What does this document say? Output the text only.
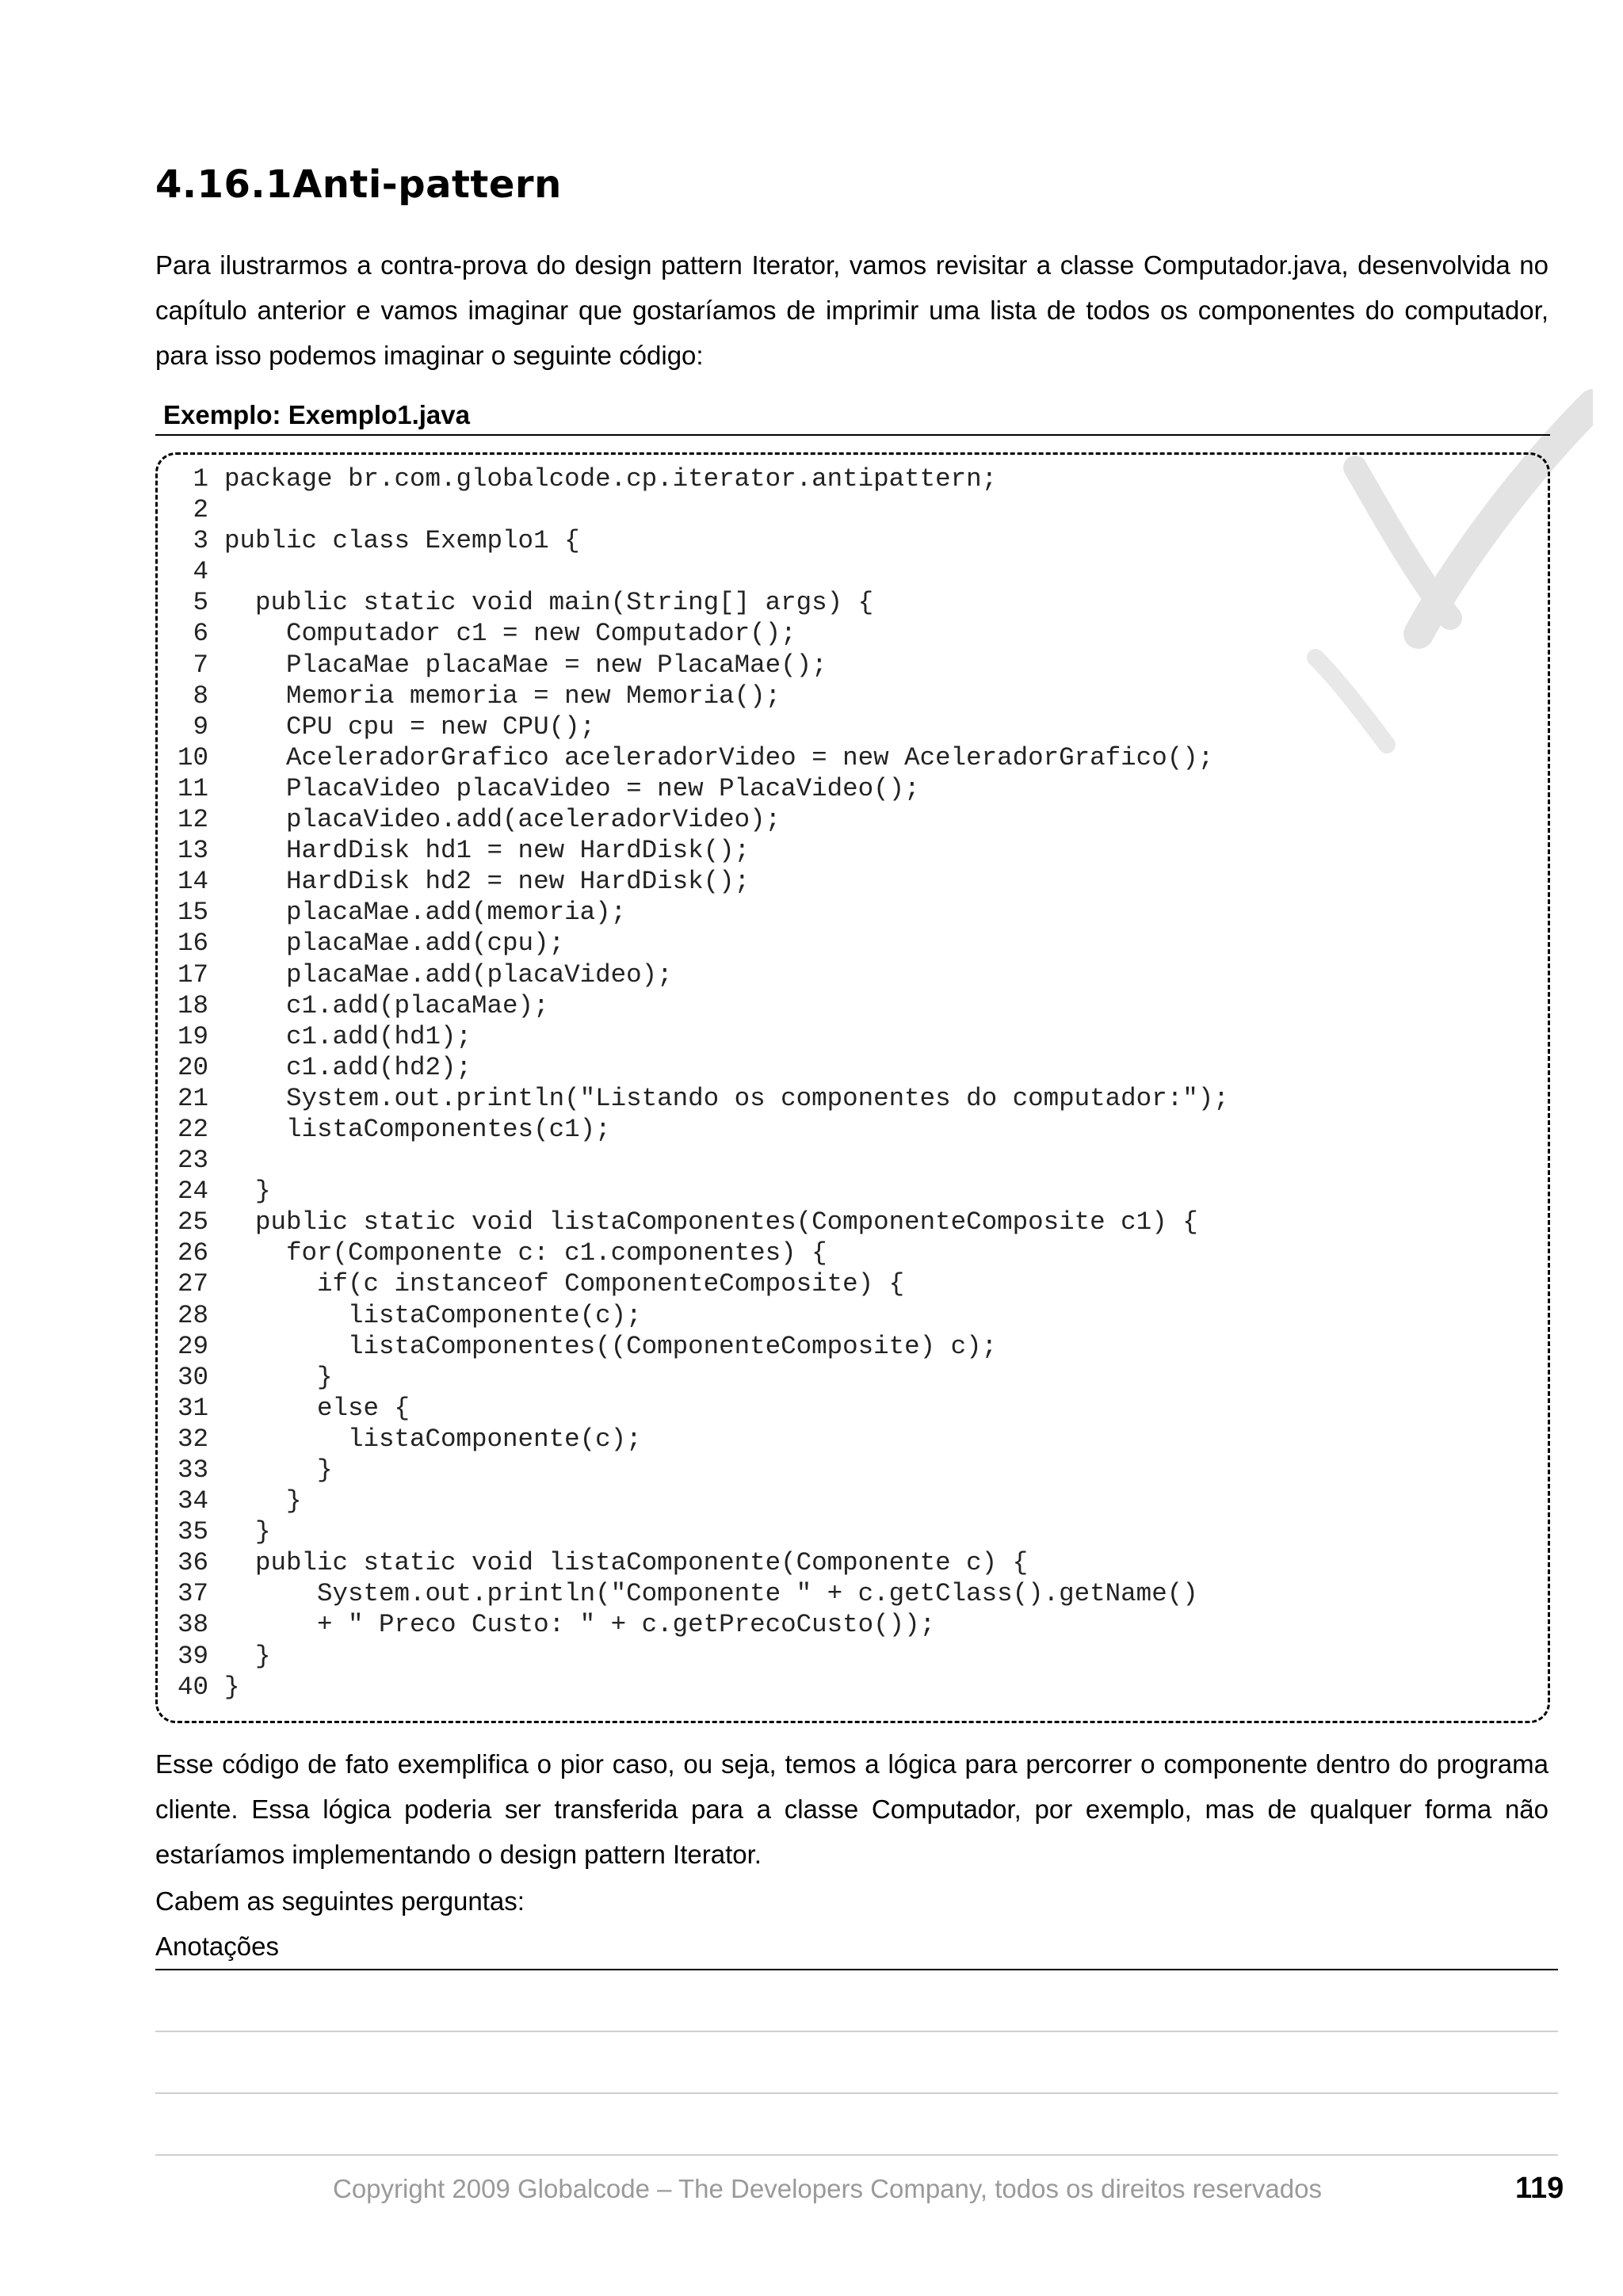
4.16.1Anti-pattern

Para ilustrarmos a contra-prova do design pattern Iterator, vamos revisitar a classe Computador.java, desenvolvida no capítulo anterior e vamos imaginar que gostaríamos de imprimir uma lista de todos os componentes do computador, para isso podemos imaginar o seguinte código:

Exemplo: Exemplo1.java
1 package br.com.globalcode.cp.iterator.antipattern;
2
3 public class Exemplo1 {
4
5  public static void main(String[] args) {
6    Computador c1 = new Computador();
7    PlacaMae placaMae = new PlacaMae();
8    Memoria memoria = new Memoria();
9    CPU cpu = new CPU();
10    AceleradorGrafico aceleradorVideo = new AceleradorGrafico();
11    PlacaVideo placaVideo = new PlacaVideo();
12    placaVideo.add(aceleradorVideo);
13    HardDisk hd1 = new HardDisk();
14    HardDisk hd2 = new HardDisk();
15    placaMae.add(memoria);
16    placaMae.add(cpu);
17    placaMae.add(placaVideo);
18    c1.add(placaMae);
19    c1.add(hd1);
20    c1.add(hd2);
21    System.out.println("Listando os componentes do computador:");
22    listaComponentes(c1);
23
24  }
25  public static void listaComponentes(ComponenteComposite c1) {
26    for(Componente c: c1.componentes) {
27      if(c instanceof ComponenteComposite) {
28        listaComponente(c);
29        listaComponentes((ComponenteComposite) c);
30      }
31      else {
32        listaComponente(c);
33      }
34    }
35  }
36  public static void listaComponente(Componente c) {
37      System.out.println("Componente " + c.getClass().getName()
38      + " Preco Custo: " + c.getPrecoCusto());
39  }
40 }

Esse código de fato exemplifica o pior caso, ou seja, temos a lógica para percorrer o componente dentro do programa cliente. Essa lógica poderia ser transferida para a classe Computador, por exemplo, mas de qualquer forma não estaríamos implementando o design pattern Iterator.

Cabem as seguintes perguntas:

Anotações

Copyright 2009 Globalcode – The Developers Company, todos os direitos reservados	119
